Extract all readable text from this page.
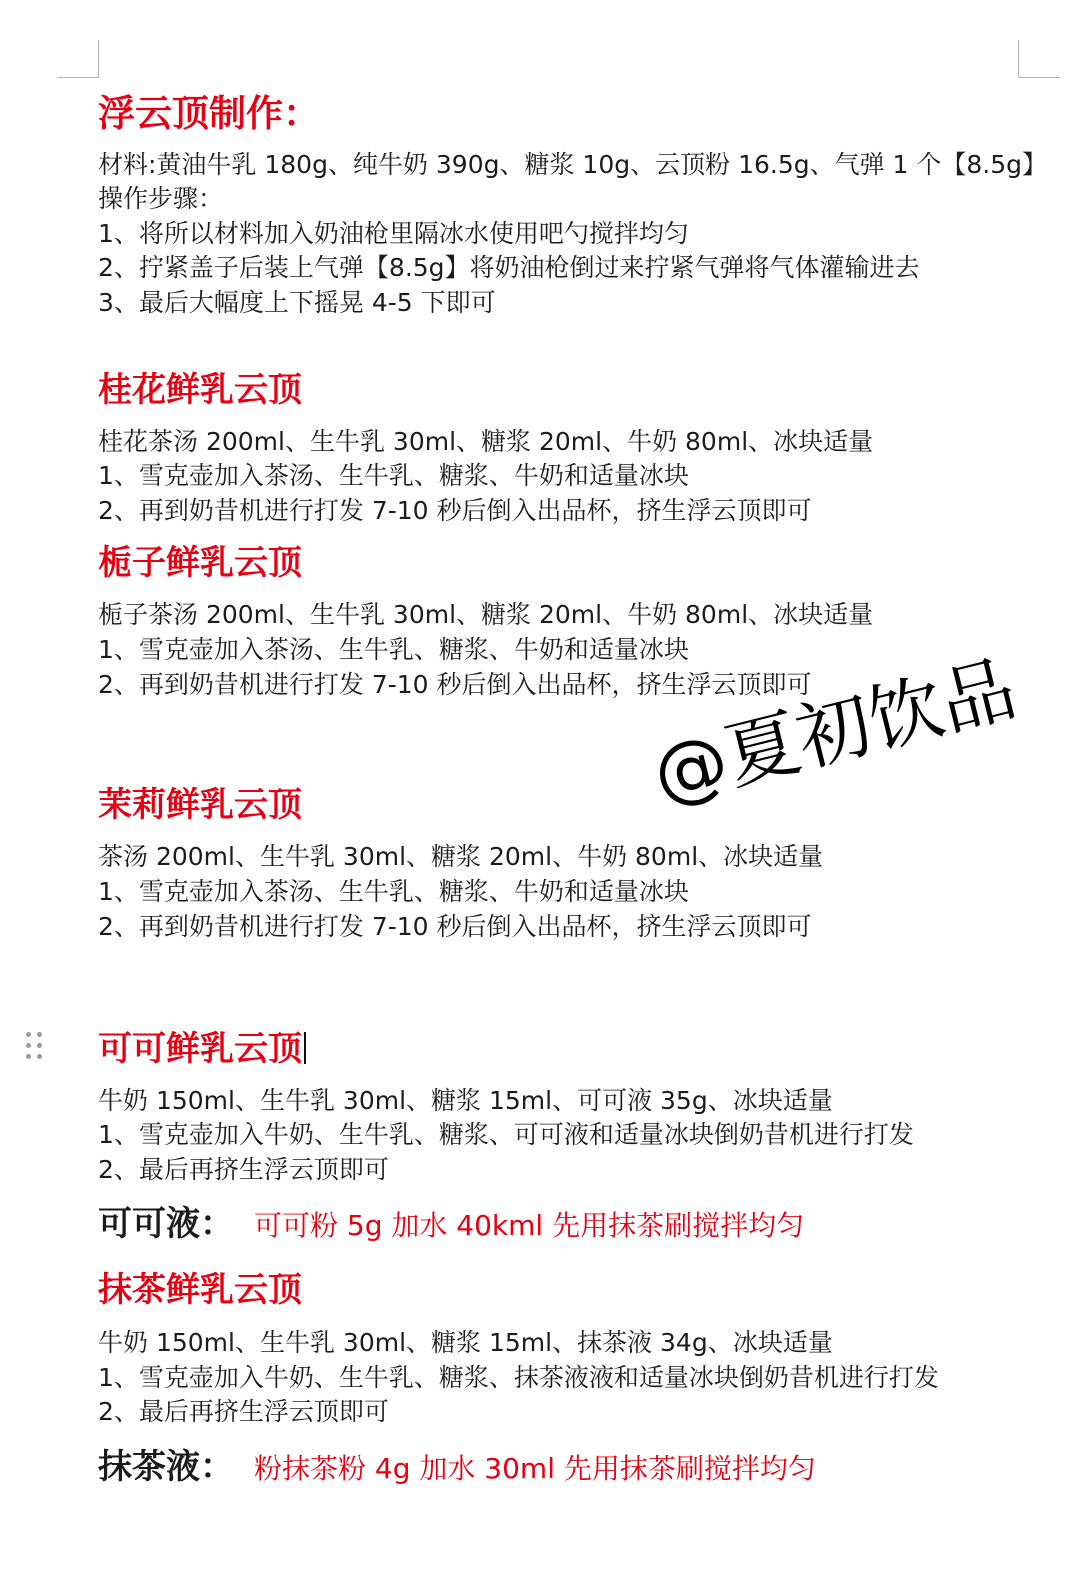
浮云顶制作：
材料:黄油牛乳 180g、纯牛奶 390g、糖浆 10g、云顶粉 16.5g、气弹 1 个【8.5g】
操作步骤：
1、将所以材料加入奶油枪里隔冰水使用吧勺搅拌均匀
2、拧紧盖子后装上气弹【8.5g】将奶油枪倒过来拧紧气弹将气体灌输进去
3、最后大幅度上下摇晃 4-5 下即可
桂花鲜乳云顶
桂花茶汤 200ml、生牛乳 30ml、糖浆 20ml、牛奶 80ml、冰块适量
1、雪克壶加入茶汤、生牛乳、糖浆、牛奶和适量冰块
2、再到奶昔机进行打发 7-10 秒后倒入出品杯，挤生浮云顶即可
栀子鲜乳云顶
栀子茶汤 200ml、生牛乳 30ml、糖浆 20ml、牛奶 80ml、冰块适量
1、雪克壶加入茶汤、生牛乳、糖浆、牛奶和适量冰块
2、再到奶昔机进行打发 7-10 秒后倒入出品杯，挤生浮云顶即可
@夏初饮品
茉莉鲜乳云顶
茶汤 200ml、生牛乳 30ml、糖浆 20ml、牛奶 80ml、冰块适量
1、雪克壶加入茶汤、生牛乳、糖浆、牛奶和适量冰块
2、再到奶昔机进行打发 7-10 秒后倒入出品杯，挤生浮云顶即可
可可鲜乳云顶
牛奶 150ml、生牛乳 30ml、糖浆 15ml、可可液 35g、冰块适量
1、雪克壶加入牛奶、生牛乳、糖浆、可可液和适量冰块倒奶昔机进行打发
2、最后再挤生浮云顶即可
可可液： 可可粉 5g 加水 40kml 先用抹茶刷搅拌均匀
抹茶鲜乳云顶
牛奶 150ml、生牛乳 30ml、糖浆 15ml、抹茶液 34g、冰块适量
1、雪克壶加入牛奶、生牛乳、糖浆、抹茶液液和适量冰块倒奶昔机进行打发
2、最后再挤生浮云顶即可
抹茶液： 粉抹茶粉 4g 加水 30ml 先用抹茶刷搅拌均匀
